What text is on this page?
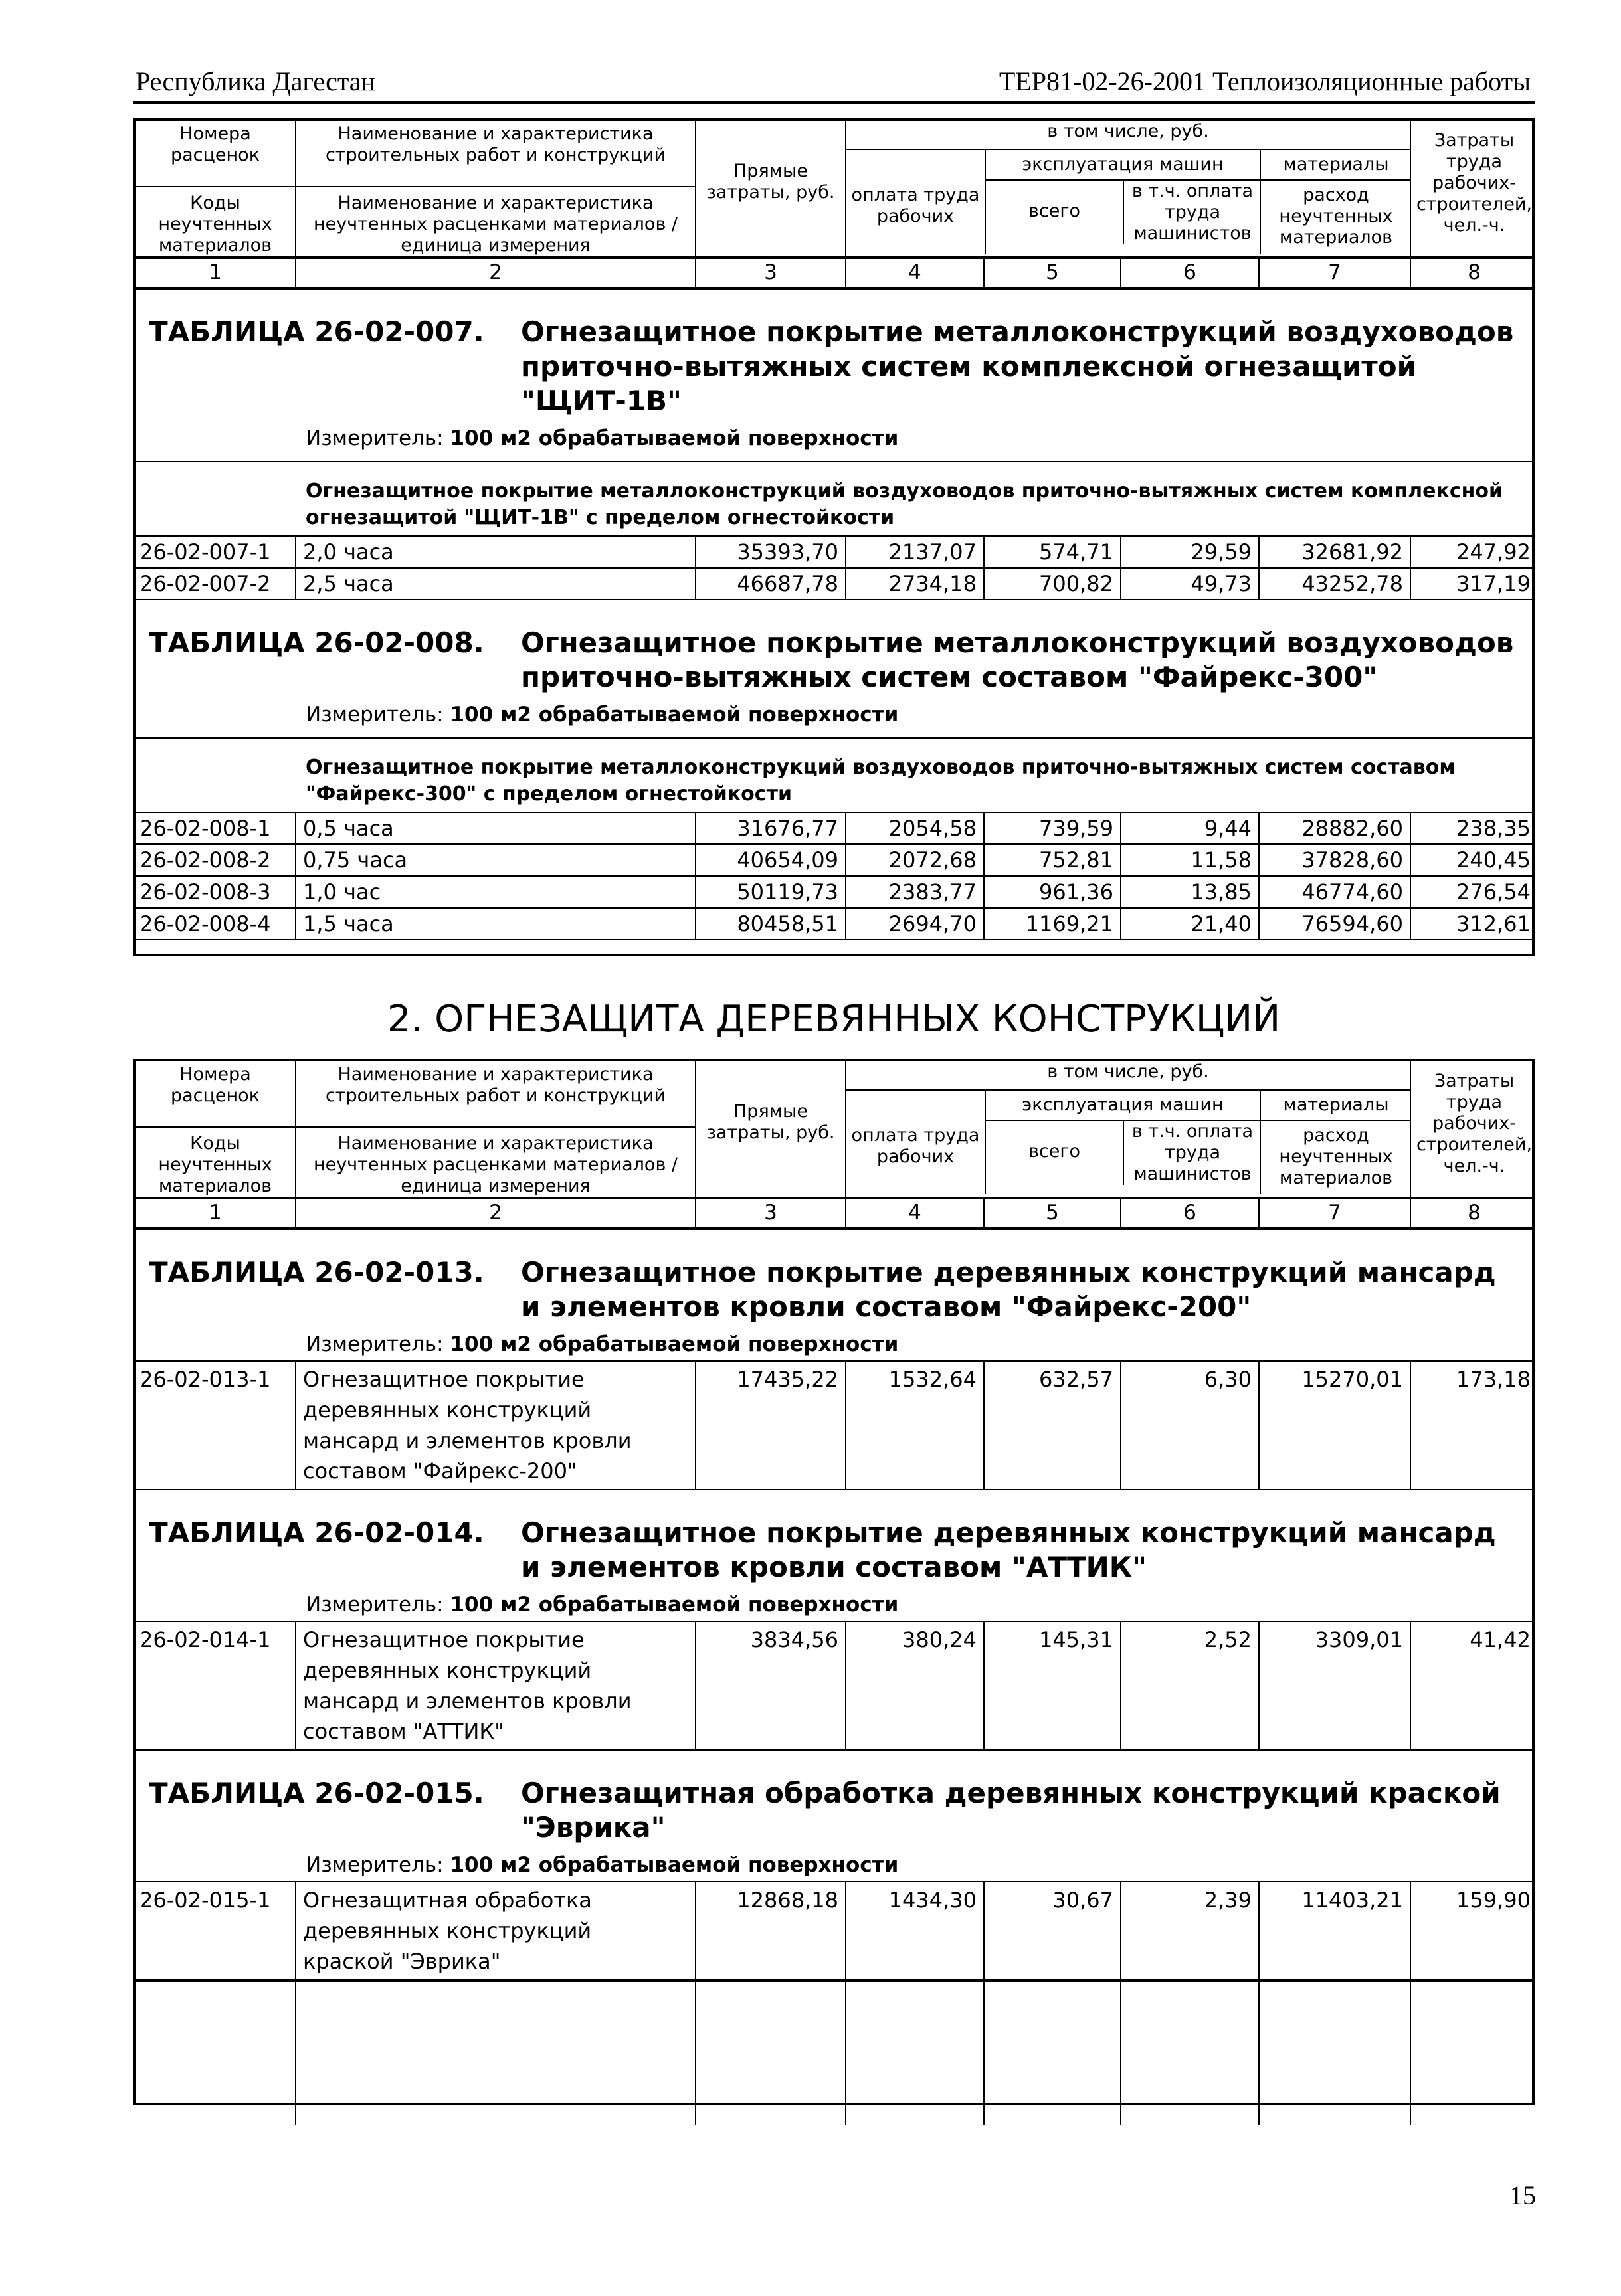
Республика Дагестан	ТЕР81-02-26-2001 Теплоизоляционные работы
Номера расценок
Коды неучтенных материалов
Наименование и характеристика строительных работ и конструкций
Наименование и характеристика неучтенных расценками материалов / единица измерения
Прямые затраты, руб.
в том числе, руб.
оплата труда рабочих
эксплуатация машин
всего
в т.ч. оплата труда машинистов
материалы
расход неучтенных материалов
Затраты труда рабочих-строителей, чел.-ч.
1	2	3	4	5	6	7	8
ТАБЛИЦА 26-02-007.	Огнезащитное покрытие металлоконструкций воздуховодов приточно-вытяжных систем комплексной огнезащитой "ЩИТ-1В"
Измеритель: 100 м2 обрабатываемой поверхности
Огнезащитное покрытие металлоконструкций воздуховодов приточно-вытяжных систем комплексной огнезащитой "ЩИТ-1В" с пределом огнестойкости
26-02-007-1	2,0 часа	35393,70	2137,07	574,71	29,59	32681,92	247,92
26-02-007-2	2,5 часа	46687,78	2734,18	700,82	49,73	43252,78	317,19
ТАБЛИЦА 26-02-008.	Огнезащитное покрытие металлоконструкций воздуховодов приточно-вытяжных систем составом "Файрекс-300"
Измеритель: 100 м2 обрабатываемой поверхности
Огнезащитное покрытие металлоконструкций воздуховодов приточно-вытяжных систем составом "Файрекс-300" с пределом огнестойкости
26-02-008-1	0,5 часа	31676,77	2054,58	739,59	9,44	28882,60	238,35
26-02-008-2	0,75 часа	40654,09	2072,68	752,81	11,58	37828,60	240,45
26-02-008-3	1,0 час	50119,73	2383,77	961,36	13,85	46774,60	276,54
26-02-008-4	1,5 часа	80458,51	2694,70	1169,21	21,40	76594,60	312,61
2. ОГНЕЗАЩИТА ДЕРЕВЯННЫХ КОНСТРУКЦИЙ
Номера расценок
Коды неучтенных материалов
Наименование и характеристика строительных работ и конструкций
Наименование и характеристика неучтенных расценками материалов / единица измерения
Прямые затраты, руб.
в том числе, руб.
оплата труда рабочих
эксплуатация машин
всего
в т.ч. оплата труда машинистов
материалы
расход неучтенных материалов
Затраты труда рабочих-строителей, чел.-ч.
1	2	3	4	5	6	7	8
ТАБЛИЦА 26-02-013.	Огнезащитное покрытие деревянных конструкций мансард и элементов кровли составом "Файрекс-200"
Измеритель: 100 м2 обрабатываемой поверхности
26-02-013-1	Огнезащитное покрытие деревянных конструкций мансард и элементов кровли составом "Файрекс-200"
17435,22	1532,64	632,57	6,30	15270,01	173,18
ТАБЛИЦА 26-02-014.	Огнезащитное покрытие деревянных конструкций мансард и элементов кровли составом "АТТИК"
Измеритель: 100 м2 обрабатываемой поверхности
26-02-014-1	Огнезащитное покрытие деревянных конструкций мансард и элементов кровли составом "АТТИК"
3834,56	380,24	145,31	2,52	3309,01	41,42
ТАБЛИЦА 26-02-015.	Огнезащитная обработка деревянных конструкций краской "Эврика"
Измеритель: 100 м2 обрабатываемой поверхности
26-02-015-1	Огнезащитная обработка деревянных конструкций краской "Эврика"
12868,18	1434,30	30,67	2,39	11403,21	159,90
15
